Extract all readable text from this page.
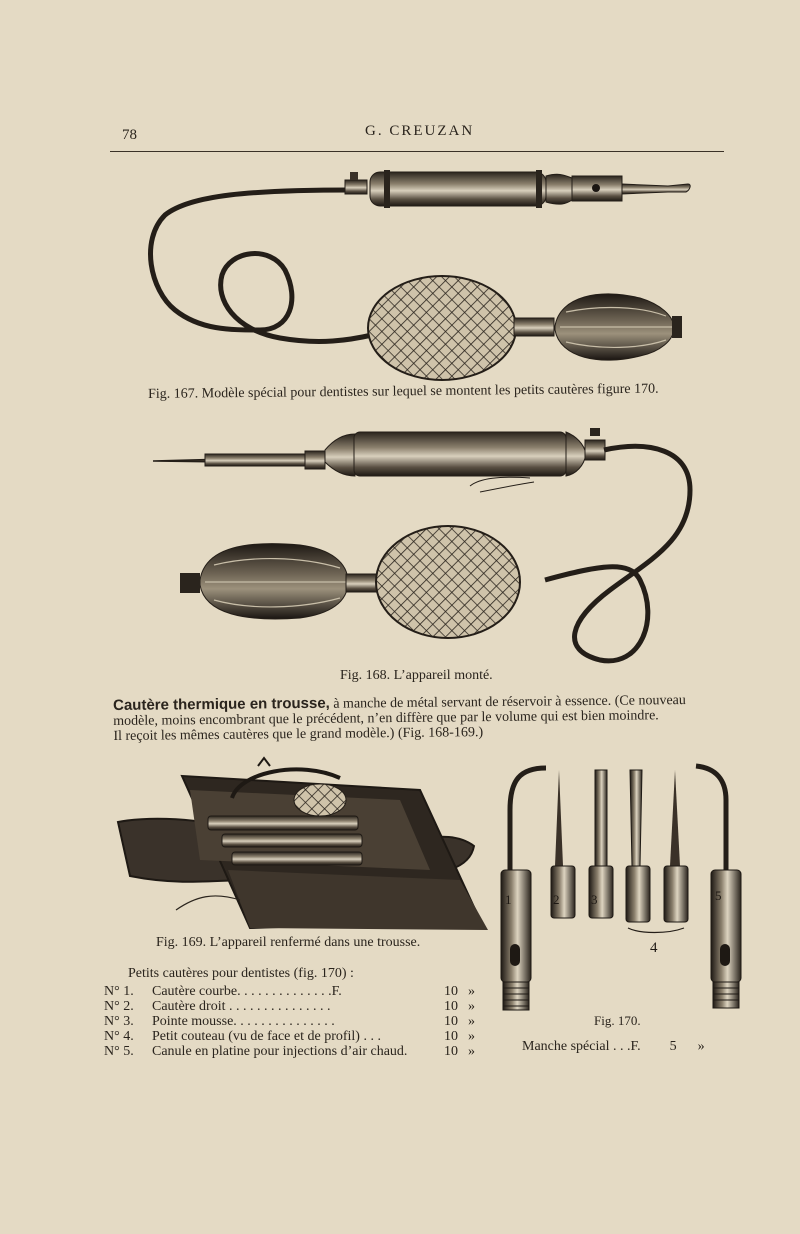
78	G. CREUZAN
1	2 3
4
5
Fig. 167. Modèle spécial pour dentistes sur lequel se montent les petits cautères figure 170.
Fig. 168. L’appareil monté.
Cautère thermique en trousse, à manche de métal servant de réservoir à essence. (Ce nouveau
modèle, moins encombrant que le précédent, n’en diffère que par le volume qui est bien moindre.
Il reçoit les mêmes cautères que le grand modèle.) (Fig. 168-169.)
Fig. 169. L’appareil renfermé dans une trousse.
Petits cautères pour dentistes (fig. 170) :
N° 1.	Cautère courbe. . . . . . . . . . . . . .F.	10 »
N° 2.	Cautère droit . . . . . . . . . . . . . . .	10 »
N° 3.	Pointe mousse. . . . . . . . . . . . . . .	10 »
N° 4.	Petit couteau (vu de face et de profil) . . .	10 »
N° 5.	Canule en platine pour injections d’air chaud.	10 »
Fig. 170.
Manche spécial . . .F. 5 »
